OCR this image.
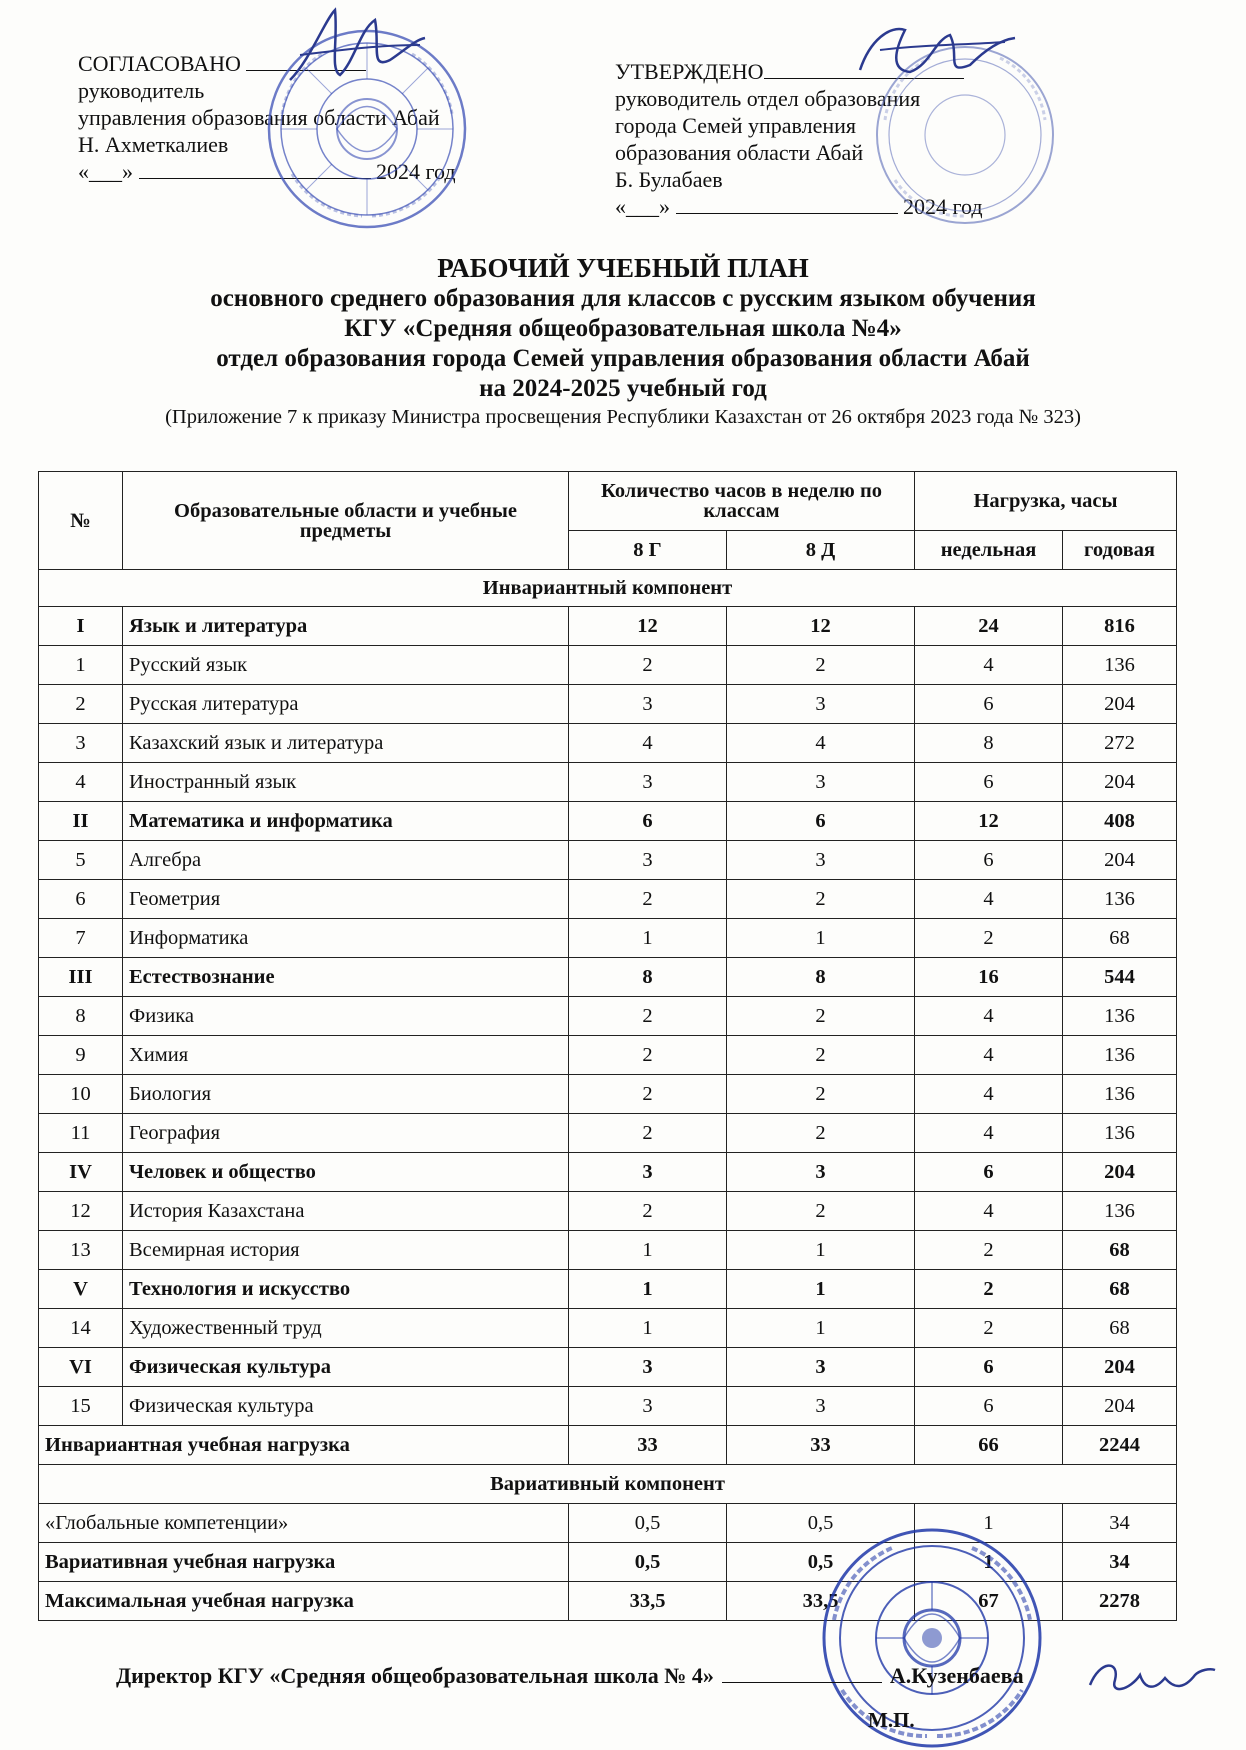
СОГЛАСОВАНО
руководитель
управления образования области Абай
Н. Ахметкалиев
«___»	2024 год
УТВЕРЖДЕНО
руководитель отдел образования
города Семей управления
образования области Абай
Б. Булабаев
«___»	2024 год
РАБОЧИЙ УЧЕБНЫЙ ПЛАН
основного среднего образования для классов с русским языком обучения
КГУ «Средняя общеобразовательная школа №4»
отдел образования города Семей управления образования области Абай
на 2024-2025 учебный год
(Приложение 7 к приказу Министра просвещения Республики Казахстан от 26 октября 2023 года № 323)
№	Образовательные области и учебные предметы	Количество часов в неделю по классам		Нагрузка, часы	
		8 Г	8 Д	недельная	годовая
Инвариантный компонент					
I	Язык и литература	12	12	24	816
1	Русский язык	2	2	4	136
2	Русская литература	3	3	6	204
3	Казахский язык и литература	4	4	8	272
4	Иностранный язык	3	3	6	204
II	Математика и информатика	6	6	12	408
5	Алгебра	3	3	6	204
6	Геометрия	2	2	4	136
7	Информатика	1	1	2	68
III	Естествознание	8	8	16	544
8	Физика	2	2	4	136
9	Химия	2	2	4	136
10	Биология	2	2	4	136
11	География	2	2	4	136
IV	Человек и общество	3	3	6	204
12	История Казахстана	2	2	4	136
13	Всемирная история	1	1	2	68
V	Технология и искусство	1	1	2	68
14	Художественный труд	1	1	2	68
VI	Физическая культура	3	3	6	204
15	Физическая культура	3	3	6	204
Инвариантная учебная нагрузка		33	33	66	2244
Вариативный компонент					
«Глобальные компетенции»		0,5	0,5	1	34
Вариативная учебная нагрузка		0,5	0,5	1	34
Максимальная учебная нагрузка		33,5	33,5	67	2278
Директор КГУ «Средняя общеобразовательная школа № 4»	А.Кузенбаева
М.П.
